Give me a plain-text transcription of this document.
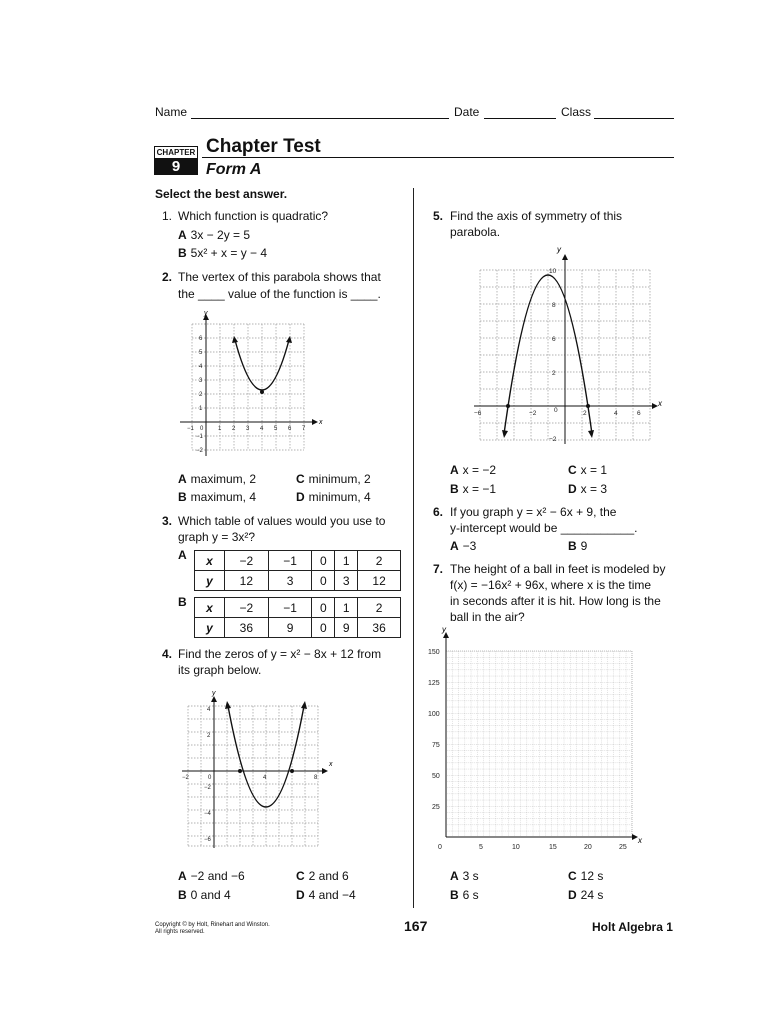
Name	Date	Class
CHAPTER
9
Chapter Test
Form A
Select the best answer.
1. Which function is quadratic?
A 3x − 2y = 5
B 5x² + x = y − 4
2. The vertex of this parabola shows that
the ____ value of the function is ____.
x
y
−1 0 1 2 3 4 5 6 7
−1
−2
1
2
3
4
5
6
A maximum, 2	C minimum, 2
B maximum, 4	D minimum, 4
3. Which table of values would you use to
graph y = 3x²?
A x	−2	−1	0	1	2
y	12	3	0	3	12
B x	−2	−1	0	1	2
y	36	9	0	9	36
4. Find the zeros of y = x² − 8x + 12 from
its graph below.
x
y
−2	0	4	8
4
2
−2
−4
−6
A −2 and −6	C 2 and 6
B 0 and 4	D 4 and −4
5. Find the axis of symmetry of this
parabola.
x
y
−6	−2	0	2	4	6
10
8
6
2
−2
A x = −2	C x = 1
B x = −1	D x = 3
6. If you graph y = x² − 6x + 9, the
y-intercept would be ___________.
A −3	B 9
7. The height of a ball in feet is modeled by
f(x) = −16x² + 96x, where x is the time
in seconds after it is hit. How long is the
ball in the air?
x
y
0	5	10	15	20	25
150
125
100
75
50
25
A 3 s	C 12 s
B 6 s	D 24 s
Copyright © by Holt, Rinehart and Winston.
All rights reserved.	167	Holt Algebra 1
